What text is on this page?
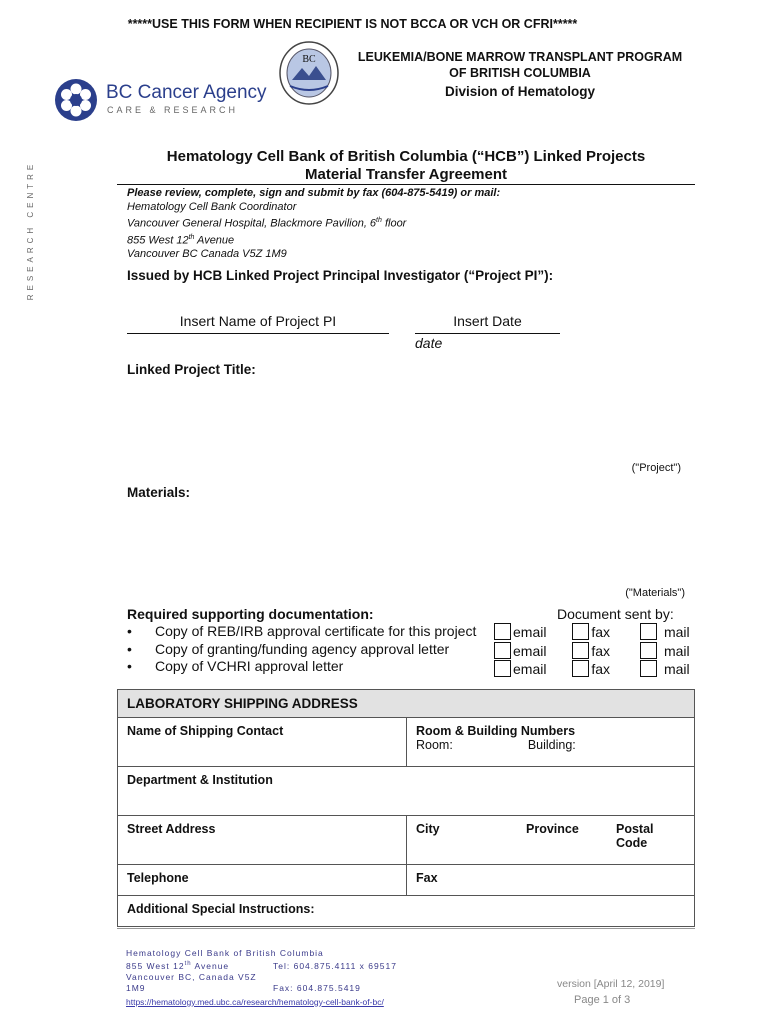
*****USE THIS FORM WHEN RECIPIENT IS NOT BCCA OR VCH OR CFRI*****
BC	LEUKEMIA/BONE MARROW TRANSPLANT PROGRAM
OF BRITISH COLUMBIA
Division of Hematology
BC Cancer Agency
CARE & RESEARCH
RESEARCH CENTRE
Hematology Cell Bank of British Columbia (“HCB”) Linked Projects
Material Transfer Agreement
Please review, complete, sign and submit by fax (604-875-5419) or mail:
Hematology Cell Bank Coordinator
Vancouver General Hospital, Blackmore Pavilion, 6th floor
855 West 12th Avenue
Vancouver BC Canada V5Z 1M9
Issued by HCB Linked Project Principal Investigator (“Project PI”):
Insert Name of Project PI	Insert Date
date
Linked Project Title:
("Project")
Materials:
("Materials")
Required supporting documentation:	Document sent by:
• Copy of REB/IRB approval certificate for this project
• Copy of granting/funding agency approval letter
• Copy of VCHRI approval letter
email	fax	mail
email	fax	mail
email	fax	mail
LABORATORY SHIPPING ADDRESS			
Name of Shipping Contact	Room & Building Numbers
Room: Building:		

Department & Institution			
Street Address	City	Province	Postal Code
Telephone	Fax		
Additional Special Instructions:			
Hematology Cell Bank of British Columbia
855 West 12th Avenue	Tel: 604.875.4111 x 69517
Vancouver BC, Canada V5Z 1M9	Fax: 604.875.5419
https://hematology.med.ubc.ca/research/hematology-cell-bank-of-bc/
version [April 12, 2019]
Page 1 of 3
